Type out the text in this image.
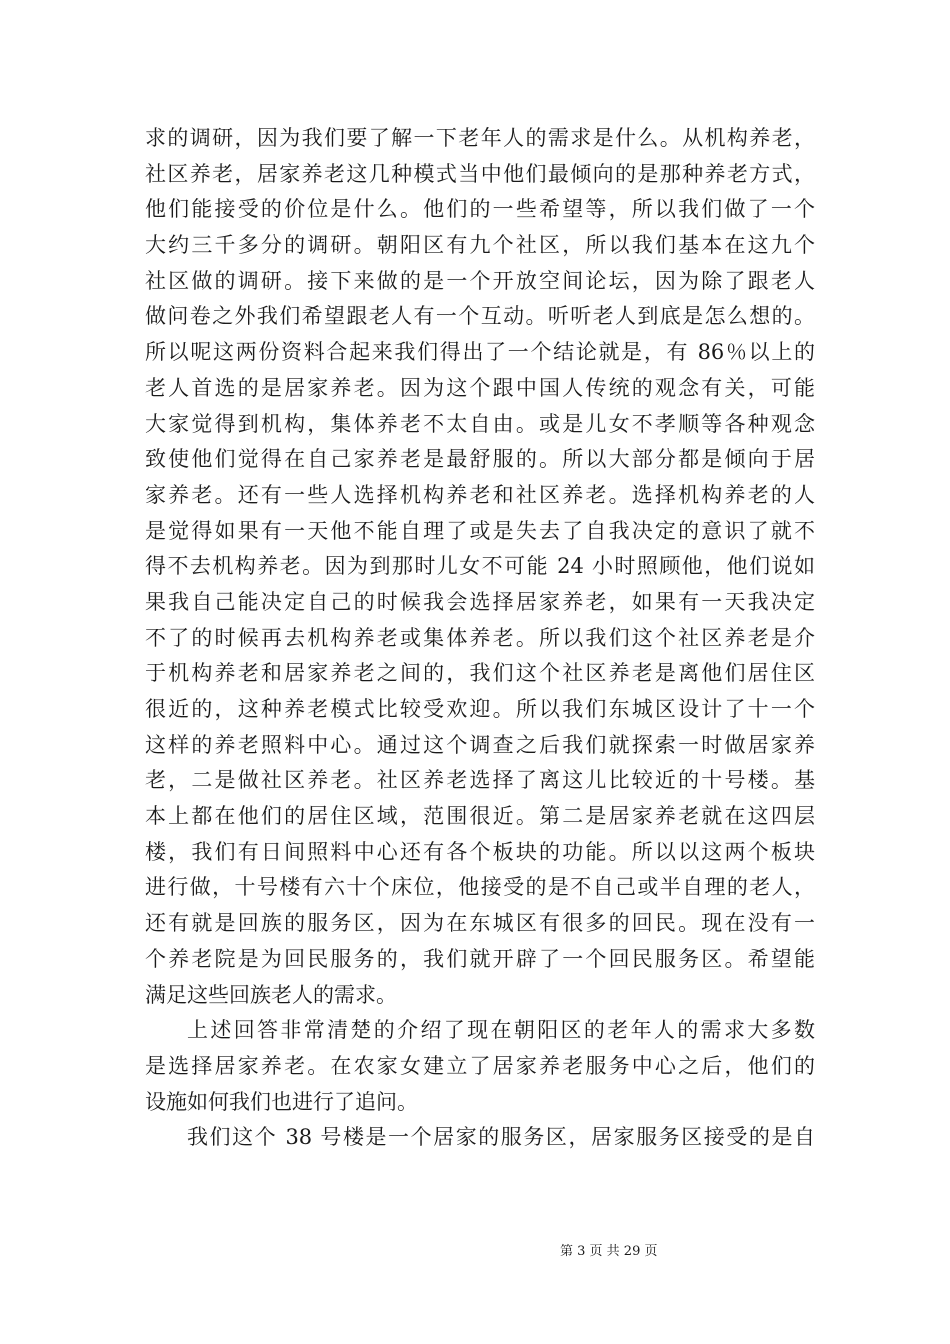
求的调研，因为我们要了解一下老年人的需求是什么。从机构养老，
社区养老，居家养老这几种模式当中他们最倾向的是那种养老方式，
他们能接受的价位是什么。他们的一些希望等，所以我们做了一个
大约三千多分的调研。朝阳区有九个社区，所以我们基本在这九个
社区做的调研。接下来做的是一个开放空间论坛，因为除了跟老人
做问卷之外我们希望跟老人有一个互动。听听老人到底是怎么想的。
所以呢这两份资料合起来我们得出了一个结论就是，有 86％以上的
老人首选的是居家养老。因为这个跟中国人传统的观念有关，可能
大家觉得到机构，集体养老不太自由。或是儿女不孝顺等各种观念
致使他们觉得在自己家养老是最舒服的。所以大部分都是倾向于居
家养老。还有一些人选择机构养老和社区养老。选择机构养老的人
是觉得如果有一天他不能自理了或是失去了自我决定的意识了就不
得不去机构养老。因为到那时儿女不可能 24 小时照顾他，他们说如
果我自己能决定自己的时候我会选择居家养老，如果有一天我决定
不了的时候再去机构养老或集体养老。所以我们这个社区养老是介
于机构养老和居家养老之间的，我们这个社区养老是离他们居住区
很近的，这种养老模式比较受欢迎。所以我们东城区设计了十一个
这样的养老照料中心。通过这个调查之后我们就探索一时做居家养
老，二是做社区养老。社区养老选择了离这儿比较近的十号楼。基
本上都在他们的居住区域，范围很近。第二是居家养老就在这四层
楼，我们有日间照料中心还有各个板块的功能。所以以这两个板块
进行做，十号楼有六十个床位，他接受的是不自己或半自理的老人，
还有就是回族的服务区，因为在东城区有很多的回民。现在没有一
个养老院是为回民服务的，我们就开辟了一个回民服务区。希望能
满足这些回族老人的需求。
上述回答非常清楚的介绍了现在朝阳区的老年人的需求大多数
是选择居家养老。在农家女建立了居家养老服务中心之后，他们的
设施如何我们也进行了追问。
我们这个 38 号楼是一个居家的服务区，居家服务区接受的是自
第 3 页 共 29 页
